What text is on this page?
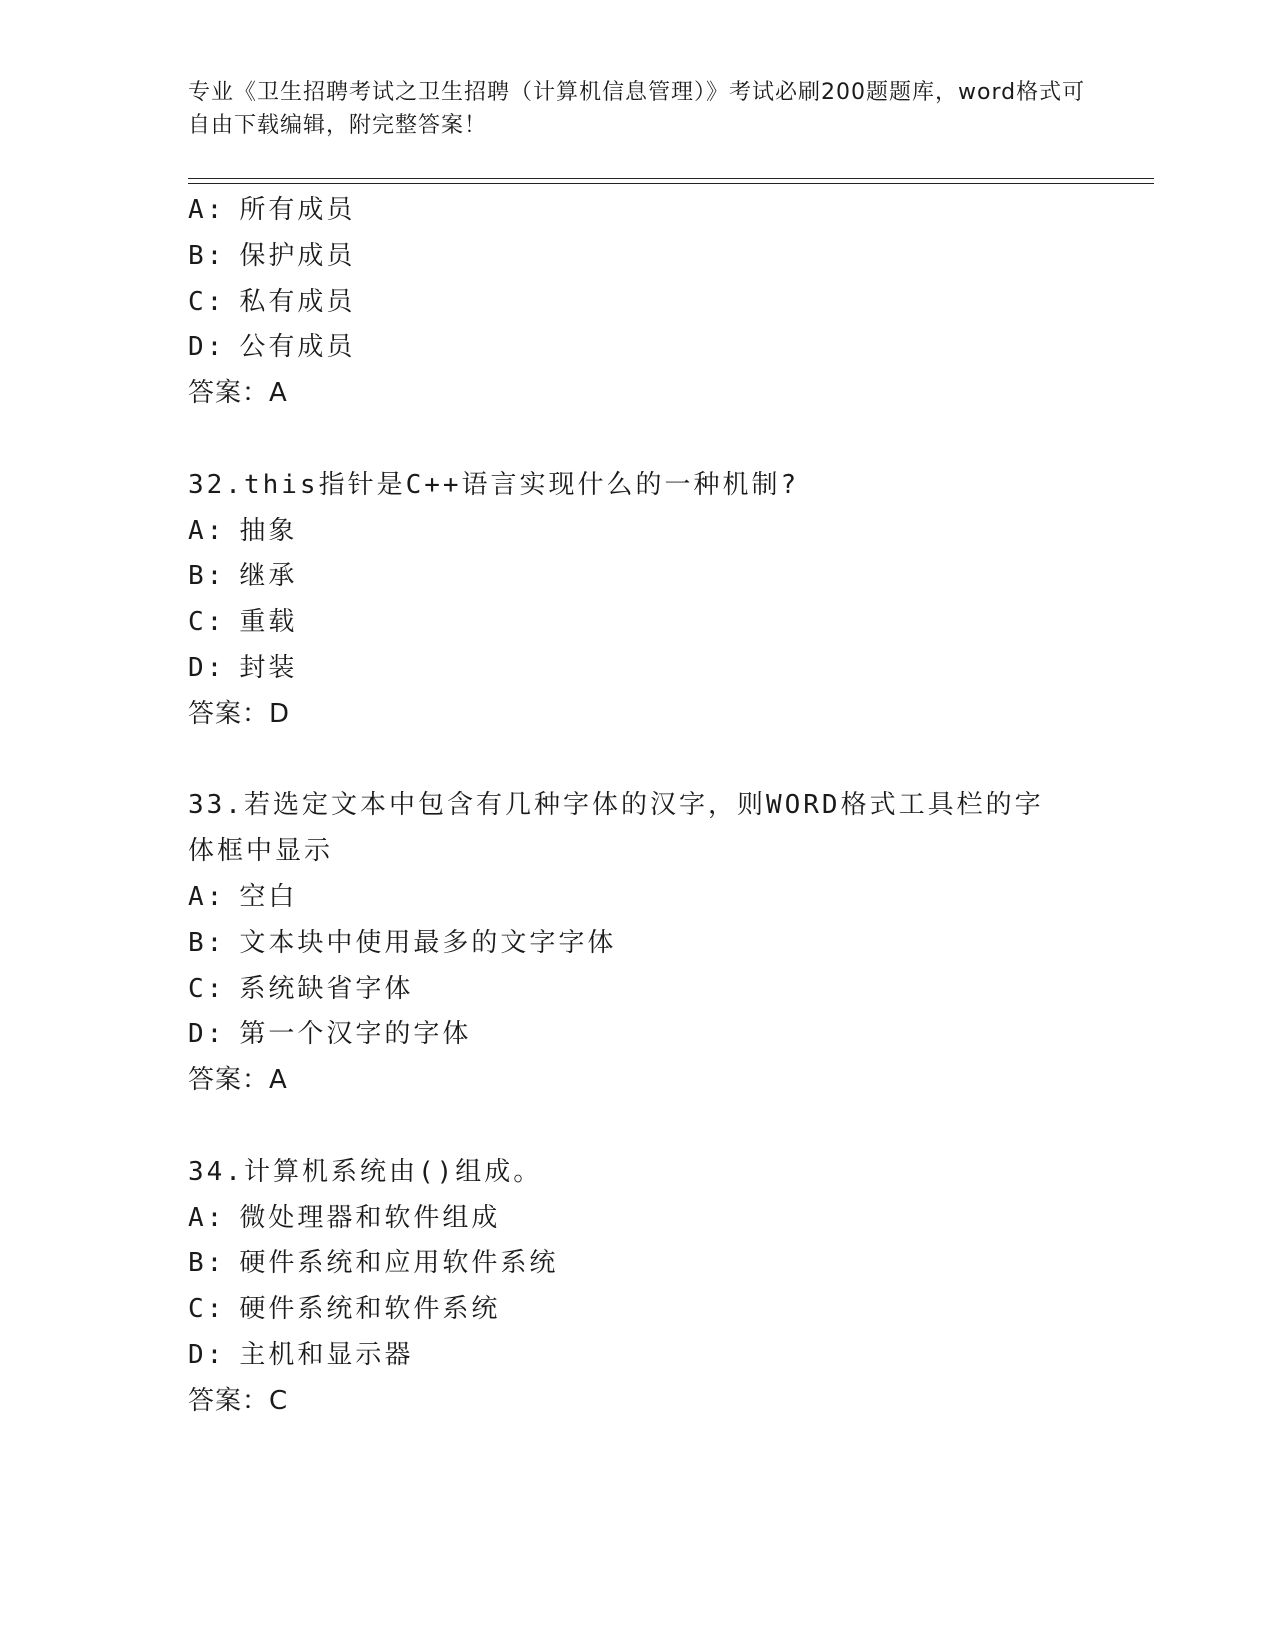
专业《卫生招聘考试之卫生招聘（计算机信息管理）》考试必刷200题题库，word格式可自由下载编辑，附完整答案！
A: 所有成员
B: 保护成员
C: 私有成员
D: 公有成员
答案：A
32.this指针是C++语言实现什么的一种机制?
A: 抽象
B: 继承
C: 重载
D: 封装
答案：D
33.若选定文本中包含有几种字体的汉字，则WORD格式工具栏的字体框中显示
A: 空白
B: 文本块中使用最多的文字字体
C: 系统缺省字体
D: 第一个汉字的字体
答案：A
34.计算机系统由()组成。
A: 微处理器和软件组成
B: 硬件系统和应用软件系统
C: 硬件系统和软件系统
D: 主机和显示器
答案：C
